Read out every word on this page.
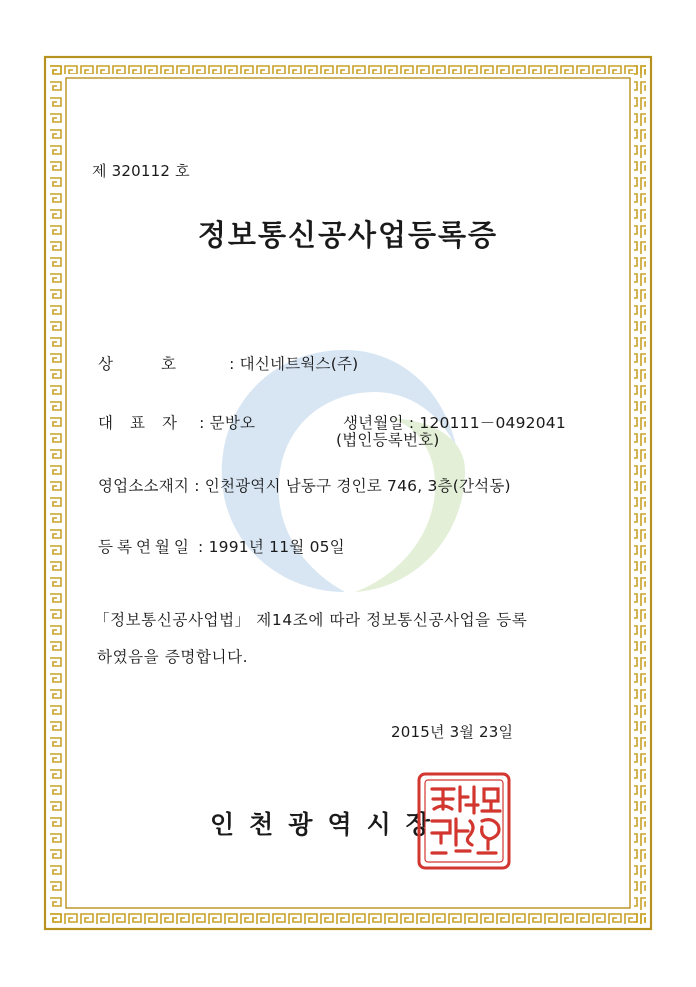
제 320112 호
정보통신공사업등록증
상호 : 대신네트웍스(주)
대표자 : 문방오	생년월일 : 120111－0492041
(법인등록번호)
영업소소재지 : 인천광역시 남동구 경인로 746, 3층(간석동)
등록연월일 : 1991년 11월 05일
「정보통신공사업법」 제14조에 따라 정보통신공사업을 등록
하였음을 증명합니다.
2015년 3월 23일
인천광역시장
